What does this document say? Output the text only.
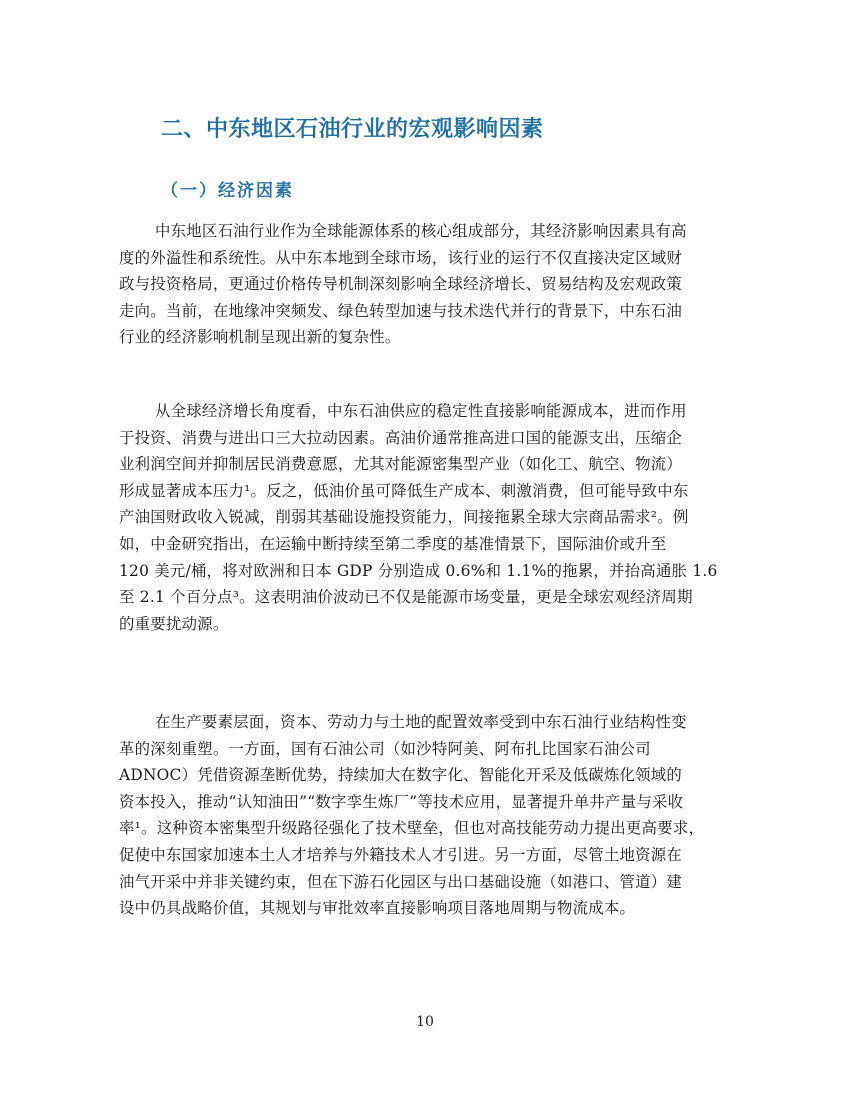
二、中东地区石油行业的宏观影响因素
（一）经济因素

中东地区石油行业作为全球能源体系的核心组成部分，其经济影响因素具有高
度的外溢性和系统性。从中东本地到全球市场，该行业的运行不仅直接决定区域财
政与投资格局，更通过价格传导机制深刻影响全球经济增长、贸易结构及宏观政策
走向。当前，在地缘冲突频发、绿色转型加速与技术迭代并行的背景下，中东石油
行业的经济影响机制呈现出新的复杂性。

从全球经济增长角度看，中东石油供应的稳定性直接影响能源成本，进而作用
于投资、消费与进出口三大拉动因素。高油价通常推高进口国的能源支出，压缩企
业利润空间并抑制居民消费意愿，尤其对能源密集型产业（如化工、航空、物流）
形成显著成本压力¹。反之，低油价虽可降低生产成本、刺激消费，但可能导致中东
产油国财政收入锐减，削弱其基础设施投资能力，间接拖累全球大宗商品需求²。例
如，中金研究指出，在运输中断持续至第二季度的基准情景下，国际油价或升至
120 美元/桶，将对欧洲和日本 GDP 分别造成 0.6%和 1.1%的拖累，并抬高通胀 1.6
至 2.1 个百分点³。这表明油价波动已不仅是能源市场变量，更是全球宏观经济周期
的重要扰动源。

在生产要素层面，资本、劳动力与土地的配置效率受到中东石油行业结构性变
革的深刻重塑。一方面，国有石油公司（如沙特阿美、阿布扎比国家石油公司
ADNOC）凭借资源垄断优势，持续加大在数字化、智能化开采及低碳炼化领域的
资本投入，推动“认知油田”“数字孪生炼厂”等技术应用，显著提升单井产量与采收
率¹。这种资本密集型升级路径强化了技术壁垒，但也对高技能劳动力提出更高要求，
促使中东国家加速本土人才培养与外籍技术人才引进。另一方面，尽管土地资源在
油气开采中并非关键约束，但在下游石化园区与出口基础设施（如港口、管道）建
设中仍具战略价值，其规划与审批效率直接影响项目落地周期与物流成本。

10
